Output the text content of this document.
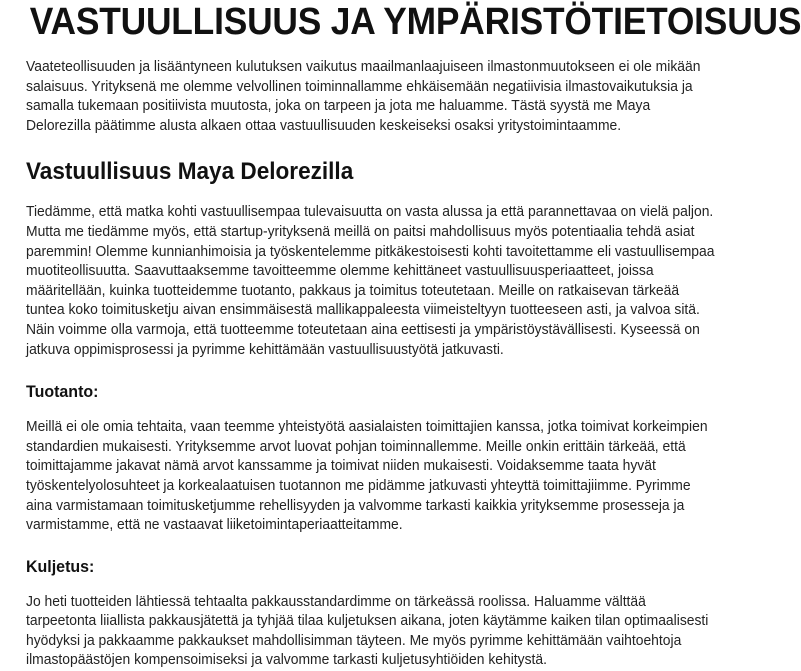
VASTUULLISUUS JA YMPÄRISTÖTIETOISUUS

Vaateteollisuuden ja lisääntyneen kulutuksen vaikutus maailmanlaajuiseen ilmastonmuutokseen ei ole mikään salaisuus. Yrityksenä me olemme velvollinen toiminnallamme ehkäisemään negatiivisia ilmastovaikutuksia ja samalla tukemaan positiivista muutosta, joka on tarpeen ja jota me haluamme. Tästä syystä me Maya Delorezilla päätimme alusta alkaen ottaa vastuullisuuden keskeiseksi osaksi yritystoimintaamme.

Vastuullisuus Maya Delorezilla

Tiedämme, että matka kohti vastuullisempaa tulevaisuutta on vasta alussa ja että parannettavaa on vielä paljon. Mutta me tiedämme myös, että startup-yrityksenä meillä on paitsi mahdollisuus myös potentiaalia tehdä asiat paremmin! Olemme kunnianhimoisia ja työskentelemme pitkäkestoisesti kohti tavoitettamme eli vastuullisempaa muotiteollisuutta. Saavuttaaksemme tavoitteemme olemme kehittäneet vastuullisuusperiaatteet, joissa määritellään, kuinka tuotteidemme tuotanto, pakkaus ja toimitus toteutetaan. Meille on ratkaisevan tärkeää tuntea koko toimitusketju aivan ensimmäisestä mallikappaleesta viimeisteltyyn tuotteeseen asti, ja valvoa sitä. Näin voimme olla varmoja, että tuotteemme toteutetaan aina eettisesti ja ympäristöystävällisesti. Kyseessä on jatkuva oppimisprosessi ja pyrimme kehittämään vastuullisuustyötä jatkuvasti.

Tuotanto:

Meillä ei ole omia tehtaita, vaan teemme yhteistyötä aasialaisten toimittajien kanssa, jotka toimivat korkeimpien standardien mukaisesti. Yrityksemme arvot luovat pohjan toiminnallemme. Meille onkin erittäin tärkeää, että toimittajamme jakavat nämä arvot kanssamme ja toimivat niiden mukaisesti. Voidaksemme taata hyvät työskentelyolosuhteet ja korkealaatuisen tuotannon me pidämme jatkuvasti yhteyttä toimittajiimme. Pyrimme aina varmistamaan toimitusketjumme rehellisyyden ja valvomme tarkasti kaikkia yrityksemme prosesseja ja varmistamme, että ne vastaavat liiketoimintaperiaatteitamme.

Kuljetus:

Jo heti tuotteiden lähtiessä tehtaalta pakkausstandardimme on tärkeässä roolissa. Haluamme välttää tarpeetonta liiallista pakkausjätettä ja tyhjää tilaa kuljetuksen aikana, joten käytämme kaiken tilan optimaalisesti hyödyksi ja pakkaamme pakkaukset mahdollisimman täyteen. Me myös pyrimme kehittämään vaihtoehtoja ilmastopäästöjen kompensoimiseksi ja valvomme tarkasti kuljetusyhtiöiden kehitystä.
